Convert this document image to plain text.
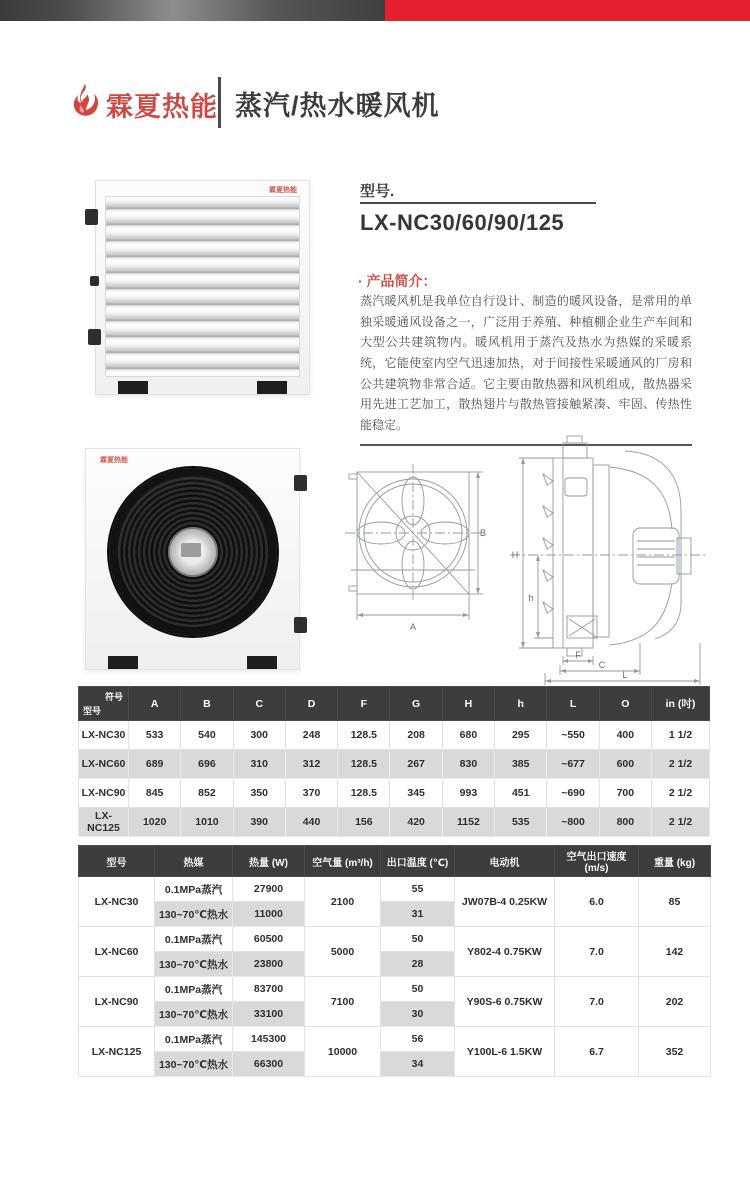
霖夏热能 蒸汽/热水暖风机
霖夏热能	型号.
LX-NC30/60/90/125
· 产品简介：

蒸汽暖风机是我单位自行设计、制造的暖风设备，是常用的单独采暖通风设备之一，广泛用于养殖、种植棚企业生产车间和大型公共建筑物内。暖风机用于蒸汽及热水为热媒的采暖系统，它能使室内空气迅速加热，对于间接性采暖通风的厂房和公共建筑物非常合适。它主要由散热器和风机组成，散热器采用先进工艺加工，散热翅片与散热管接触紧凑、牢固、传热性能稳定。

霖夏热能
B
A
H
h
F
C
L
符号
型号	A	B	C	D	F	G	H	h	L	O	in (吋)
LX-NC30	533	540	300	248	128.5	208	680	295	~550	400	1 1/2
LX-NC60	689	696	310	312	128.5	267	830	385	~677	600	2 1/2
LX-NC90	845	852	350	370	128.5	345	993	451	~690	700	2 1/2
LX-NC125	1020	1010	390	440	156	420	1152	535	~800	800	2 1/2
型号	热媒	热量 (W)	空气量 (m³/h)	出口温度 (℃)	电动机	空气出口速度 (m/s)	重量 (kg)
LX-NC30	0.1MPa蒸汽	27900	2100	55	JW07B-4 0.25KW	6.0	85
	130~70℃热水	11000		31			
LX-NC60	0.1MPa蒸汽	60500	5000	50	Y802-4 0.75KW	7.0	142
	130~70℃热水	23800		28			
LX-NC90	0.1MPa蒸汽	83700	7100	50	Y90S-6 0.75KW	7.0	202
	130~70℃热水	33100		30			
LX-NC125	0.1MPa蒸汽	145300	10000	56	Y100L-6 1.5KW	6.7	352
	130~70℃热水	66300		34			
